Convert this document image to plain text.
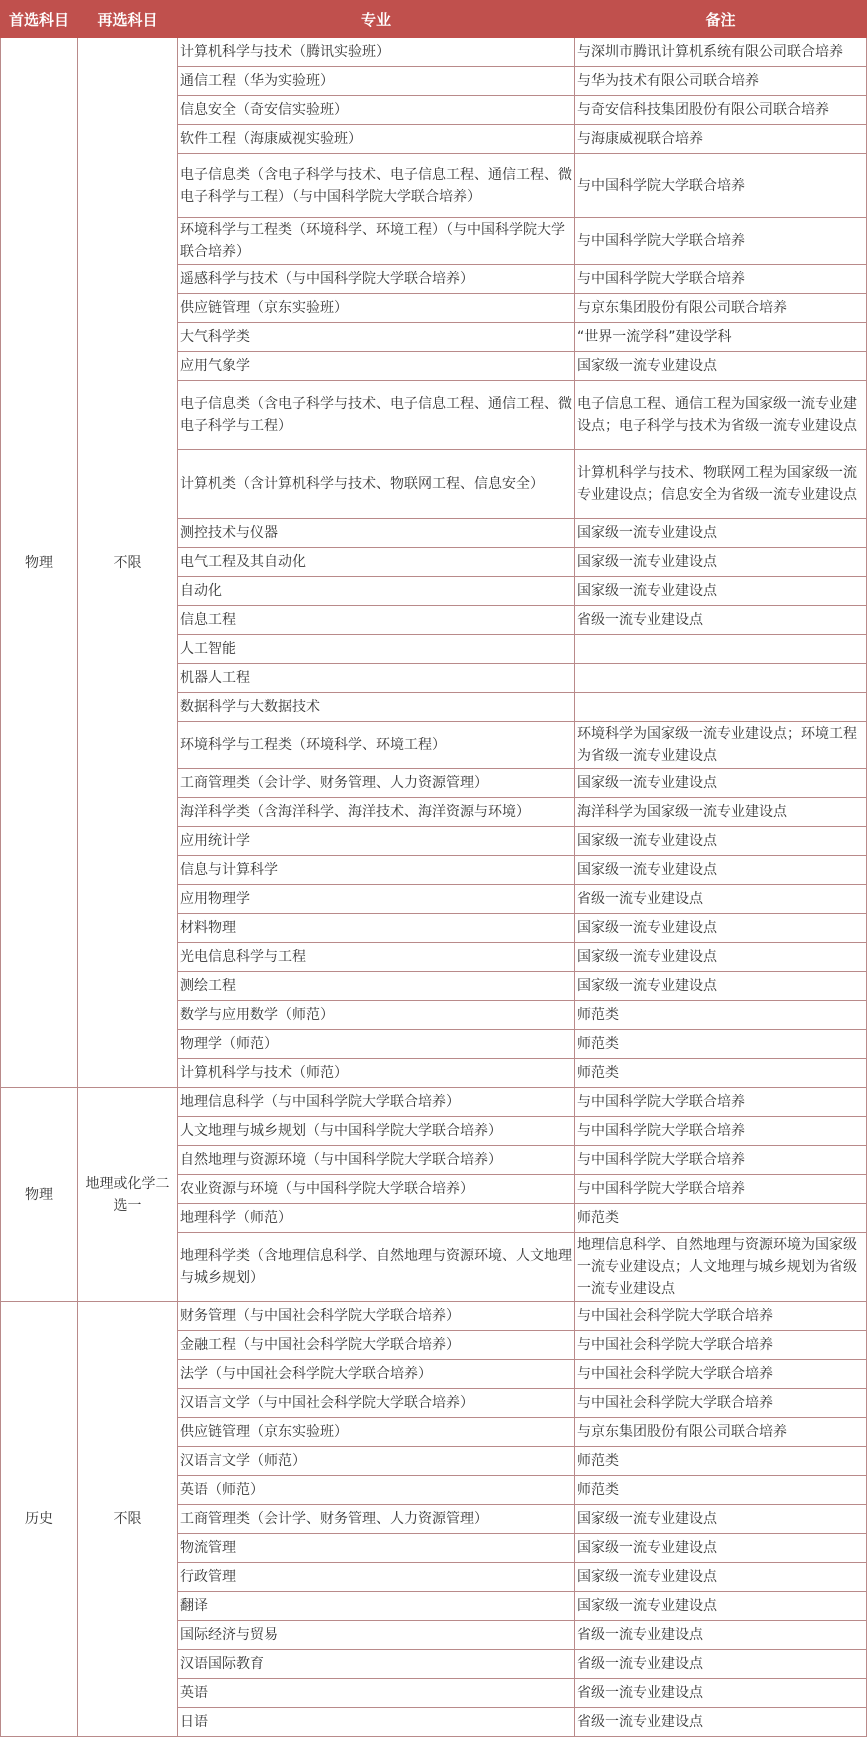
首选科目	再选科目	专业	备注
物理	不限	计算机科学与技术（腾讯实验班）	与深圳市腾讯计算机系统有限公司联合培养
		通信工程（华为实验班）	与华为技术有限公司联合培养
		信息安全（奇安信实验班）	与奇安信科技集团股份有限公司联合培养
		软件工程（海康威视实验班）	与海康威视联合培养
		电子信息类（含电子科学与技术、电子信息工程、通信工程、微电子科学与工程）（与中国科学院大学联合培养）	与中国科学院大学联合培养
		环境科学与工程类（环境科学、环境工程）（与中国科学院大学联合培养）	与中国科学院大学联合培养
		遥感科学与技术（与中国科学院大学联合培养）	与中国科学院大学联合培养
		供应链管理（京东实验班）	与京东集团股份有限公司联合培养
		大气科学类	“世界一流学科”建设学科
		应用气象学	国家级一流专业建设点
		电子信息类（含电子科学与技术、电子信息工程、通信工程、微电子科学与工程）	电子信息工程、通信工程为国家级一流专业建设点；电子科学与技术为省级一流专业建设点
		计算机类（含计算机科学与技术、物联网工程、信息安全）	计算机科学与技术、物联网工程为国家级一流专业建设点；信息安全为省级一流专业建设点
		测控技术与仪器	国家级一流专业建设点
		电气工程及其自动化	国家级一流专业建设点
		自动化	国家级一流专业建设点
		信息工程	省级一流专业建设点
		人工智能	
		机器人工程	
		数据科学与大数据技术	
		环境科学与工程类（环境科学、环境工程）	环境科学为国家级一流专业建设点；环境工程为省级一流专业建设点
		工商管理类（会计学、财务管理、人力资源管理）	国家级一流专业建设点
		海洋科学类（含海洋科学、海洋技术、海洋资源与环境）	海洋科学为国家级一流专业建设点
		应用统计学	国家级一流专业建设点
		信息与计算科学	国家级一流专业建设点
		应用物理学	省级一流专业建设点
		材料物理	国家级一流专业建设点
		光电信息科学与工程	国家级一流专业建设点
		测绘工程	国家级一流专业建设点
		数学与应用数学（师范）	师范类
		物理学（师范）	师范类
		计算机科学与技术（师范）	师范类
物理	地理或化学二选一	地理信息科学（与中国科学院大学联合培养）	与中国科学院大学联合培养
		人文地理与城乡规划（与中国科学院大学联合培养）	与中国科学院大学联合培养
		自然地理与资源环境（与中国科学院大学联合培养）	与中国科学院大学联合培养
		农业资源与环境（与中国科学院大学联合培养）	与中国科学院大学联合培养
		地理科学（师范）	师范类
		地理科学类（含地理信息科学、自然地理与资源环境、人文地理与城乡规划）	地理信息科学、自然地理与资源环境为国家级一流专业建设点；人文地理与城乡规划为省级一流专业建设点
历史	不限	财务管理（与中国社会科学院大学联合培养）	与中国社会科学院大学联合培养
		金融工程（与中国社会科学院大学联合培养）	与中国社会科学院大学联合培养
		法学（与中国社会科学院大学联合培养）	与中国社会科学院大学联合培养
		汉语言文学（与中国社会科学院大学联合培养）	与中国社会科学院大学联合培养
		供应链管理（京东实验班）	与京东集团股份有限公司联合培养
		汉语言文学（师范）	师范类
		英语（师范）	师范类
		工商管理类（会计学、财务管理、人力资源管理）	国家级一流专业建设点
		物流管理	国家级一流专业建设点
		行政管理	国家级一流专业建设点
		翻译	国家级一流专业建设点
		国际经济与贸易	省级一流专业建设点
		汉语国际教育	省级一流专业建设点
		英语	省级一流专业建设点
		日语	省级一流专业建设点
